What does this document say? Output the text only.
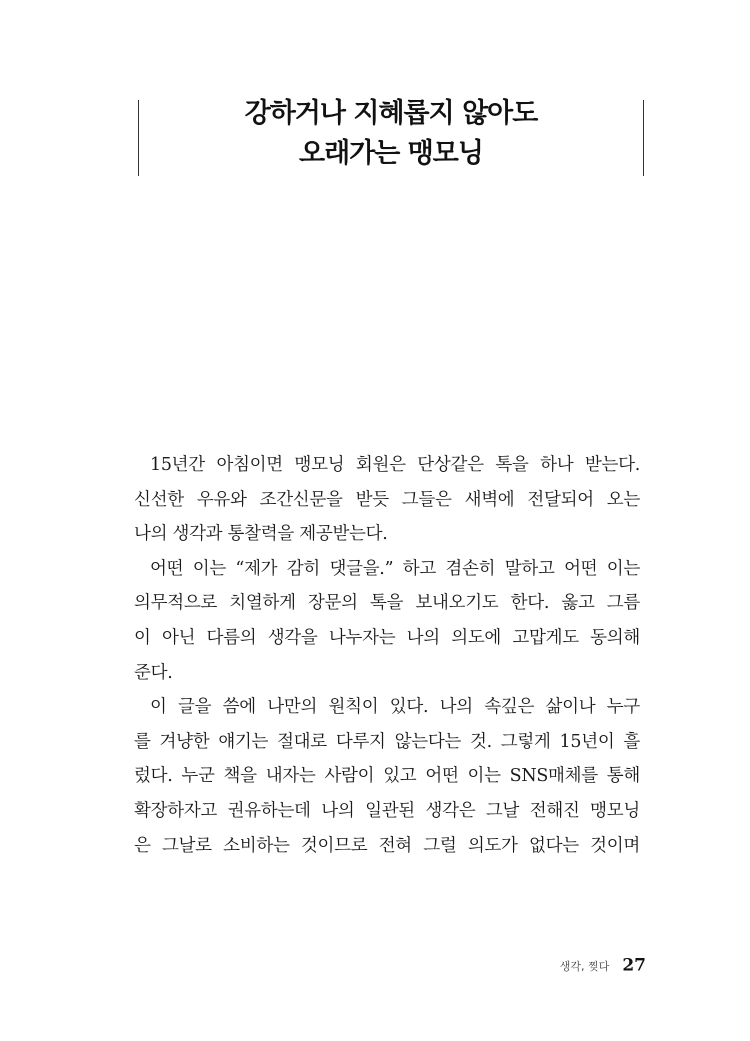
강하거나 지혜롭지 않아도
오래가는 맹모닝
15년간 아침이면 맹모닝 회원은 단상같은 톡을 하나 받는다.
신선한 우유와 조간신문을 받듯 그들은 새벽에 전달되어 오는
나의 생각과 통찰력을 제공받는다.
어떤 이는 “제가 감히 댓글을.” 하고 겸손히 말하고 어떤 이는
의무적으로 치열하게 장문의 톡을 보내오기도 한다. 옳고 그름
이 아닌 다름의 생각을 나누자는 나의 의도에 고맙게도 동의해
준다.
이 글을 씀에 나만의 원칙이 있다. 나의 속깊은 삶이나 누구
를 겨냥한 얘기는 절대로 다루지 않는다는 것. 그렇게 15년이 흘
렀다. 누군 책을 내자는 사람이 있고 어떤 이는 SNS매체를 통해
확장하자고 권유하는데 나의 일관된 생각은 그날 전해진 맹모닝
은 그날로 소비하는 것이므로 전혀 그럴 의도가 없다는 것이며
생각, 찢다 27
